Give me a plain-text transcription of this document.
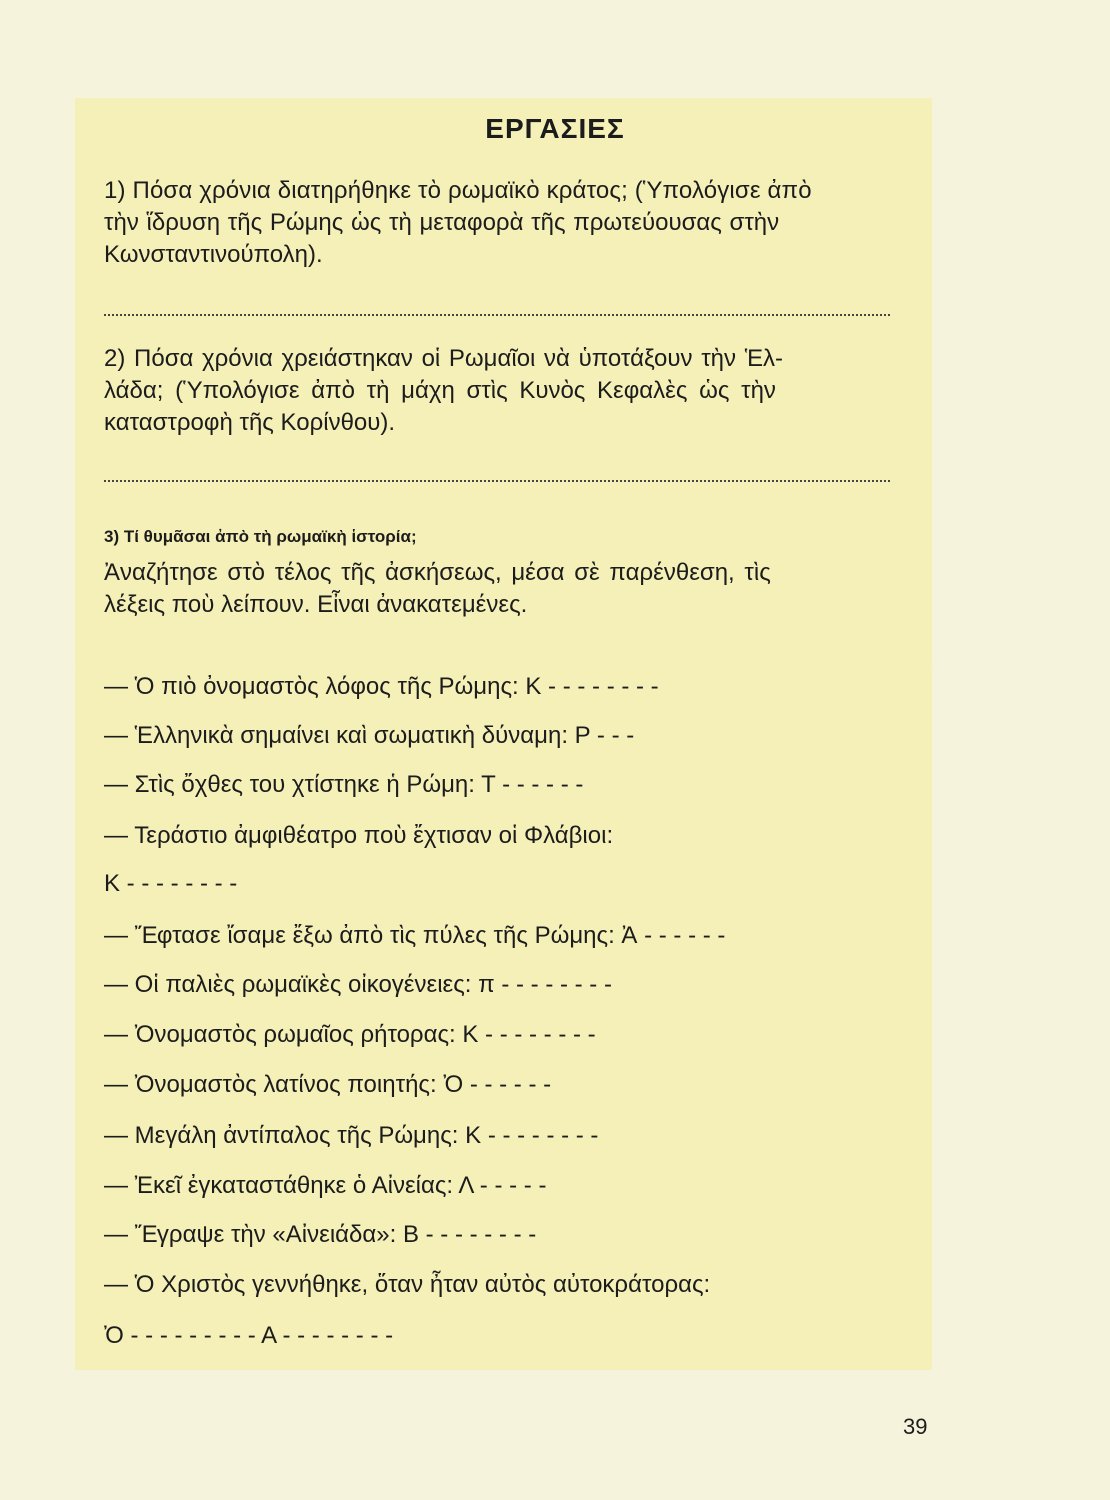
ΕΡΓΑΣΙΕΣ
1) Πόσα χρόνια διατηρήθηκε τὸ ρωμαϊκὸ κράτος; (Ὑπολόγισε ἀπὸ
τὴν ἵδρυση τῆς Ρώμης ὡς τὴ μεταφορὰ τῆς πρωτεύουσας στὴν
Κωνσταντινούπολη).
2) Πόσα χρόνια χρειάστηκαν οἱ Ρωμαῖοι νὰ ὑποτάξουν τὴν Ἑλ-
λάδα; (Ὑπολόγισε ἀπὸ τὴ μάχη στὶς Κυνὸς Κεφαλὲς ὡς τὴν
καταστροφὴ τῆς Κορίνθου).
3) Τί θυμᾶσαι ἀπὸ τὴ ρωμαϊκὴ ἱστορία;
Ἀναζήτησε στὸ τέλος τῆς ἀσκήσεως, μέσα σὲ παρένθεση, τὶς
λέξεις ποὺ λείπουν. Εἶναι ἀνακατεμένες.
— Ὁ πιὸ ὀνομαστὸς λόφος τῆς Ρώμης: Κ - - - - - - - -
— Ἑλληνικὰ σημαίνει καὶ σωματικὴ δύναμη: Ρ - - -
— Στὶς ὄχθες του χτίστηκε ἡ Ρώμη: Τ - - - - - -
— Τεράστιο ἀμφιθέατρο ποὺ ἔχτισαν οἱ Φλάβιοι:
Κ - - - - - - - -
— Ἔφτασε ἴσαμε ἔξω ἀπὸ τὶς πύλες τῆς Ρώμης: Ἀ - - - - - -
— Οἱ παλιὲς ρωμαϊκὲς οἰκογένειες: π - - - - - - - -
— Ὀνομαστὸς ρωμαῖος ρήτορας: Κ - - - - - - - -
— Ὀνομαστὸς λατίνος ποιητής: Ὀ - - - - - -
— Μεγάλη ἀντίπαλος τῆς Ρώμης: Κ - - - - - - - -
— Ἐκεῖ ἐγκαταστάθηκε ὁ Αἰνείας: Λ - - - - -
— Ἔγραψε τὴν «Αἰνειάδα»: Β - - - - - - - -
— Ὁ Χριστὸς γεννήθηκε, ὅταν ἦταν αὐτὸς αὐτοκράτορας:
Ὀ - - - - - - - - - Α - - - - - - - -
39
